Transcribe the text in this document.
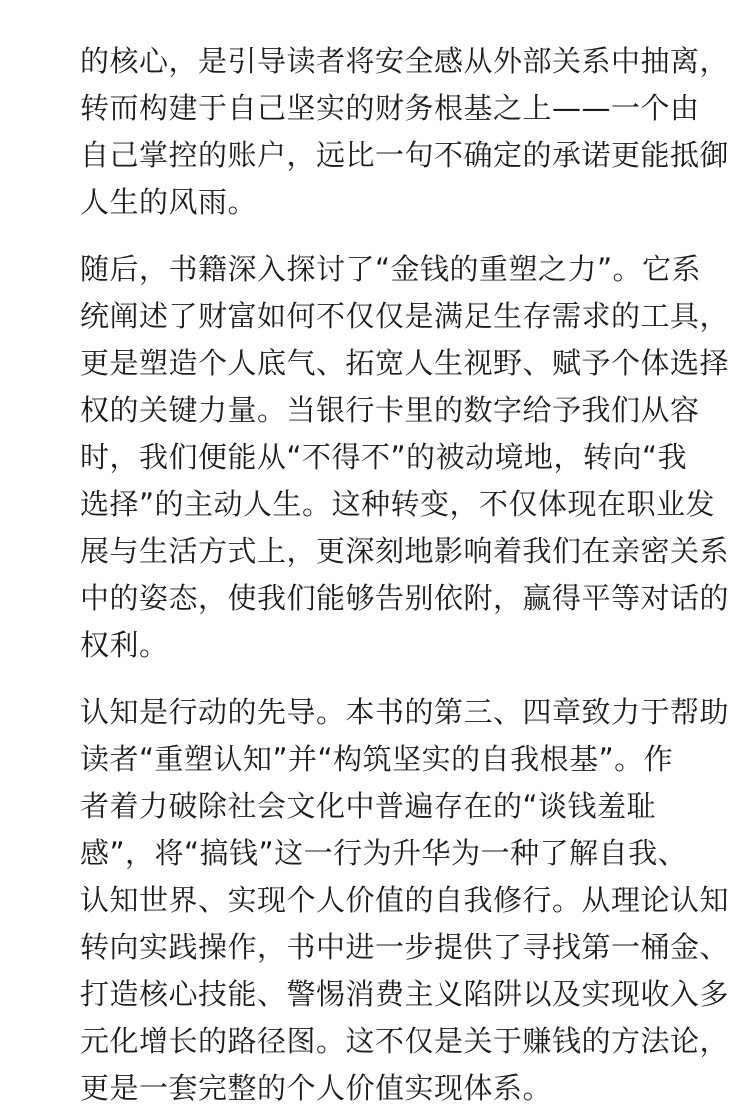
的核心，是引导读者将安全感从外部关系中抽离，
转而构建于自己坚实的财务根基之上——一个由
自己掌控的账户，远比一句不确定的承诺更能抵御
人生的风雨。

随后，书籍深入探讨了“金钱的重塑之力”。它系
统阐述了财富如何不仅仅是满足生存需求的工具，
更是塑造个人底气、拓宽人生视野、赋予个体选择
权的关键力量。当银行卡里的数字给予我们从容
时，我们便能从“不得不”的被动境地，转向“我
选择”的主动人生。这种转变，不仅体现在职业发
展与生活方式上，更深刻地影响着我们在亲密关系
中的姿态，使我们能够告别依附，赢得平等对话的
权利。

认知是行动的先导。本书的第三、四章致力于帮助
读者“重塑认知”并“构筑坚实的自我根基”。作
者着力破除社会文化中普遍存在的“谈钱羞耻
感”，将“搞钱”这一行为升华为一种了解自我、
认知世界、实现个人价值的自我修行。从理论认知
转向实践操作，书中进一步提供了寻找第一桶金、
打造核心技能、警惕消费主义陷阱以及实现收入多
元化增长的路径图。这不仅是关于赚钱的方法论，
更是一套完整的个人价值实现体系。
